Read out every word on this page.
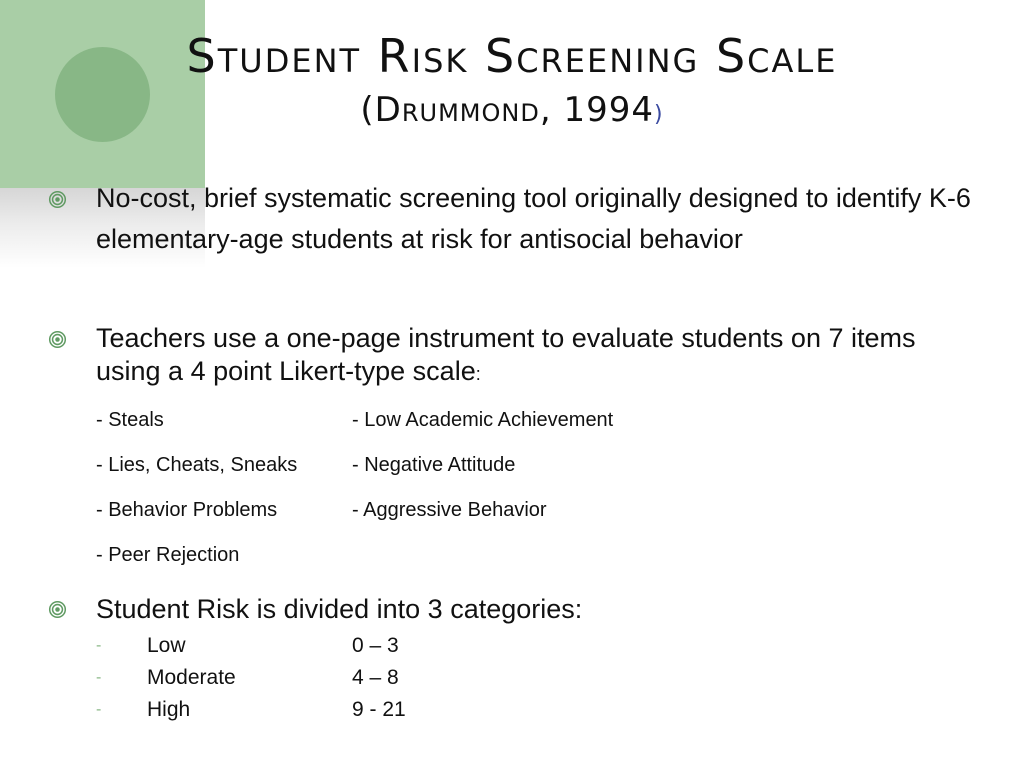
Student Risk Screening Scale
(Drummond, 1994)
No-cost, brief systematic screening tool originally designed to identify K-6 elementary-age students at risk for antisocial behavior
Teachers use a one-page instrument to evaluate students on 7 items using a 4 point Likert-type scale:
- Steals	- Low Academic Achievement
- Lies, Cheats, Sneaks	- Negative Attitude
- Behavior Problems	- Aggressive Behavior
- Peer Rejection
Student Risk is divided into 3 categories:
- Low	0 – 3
- Moderate	4 – 8
- High	9 - 21
